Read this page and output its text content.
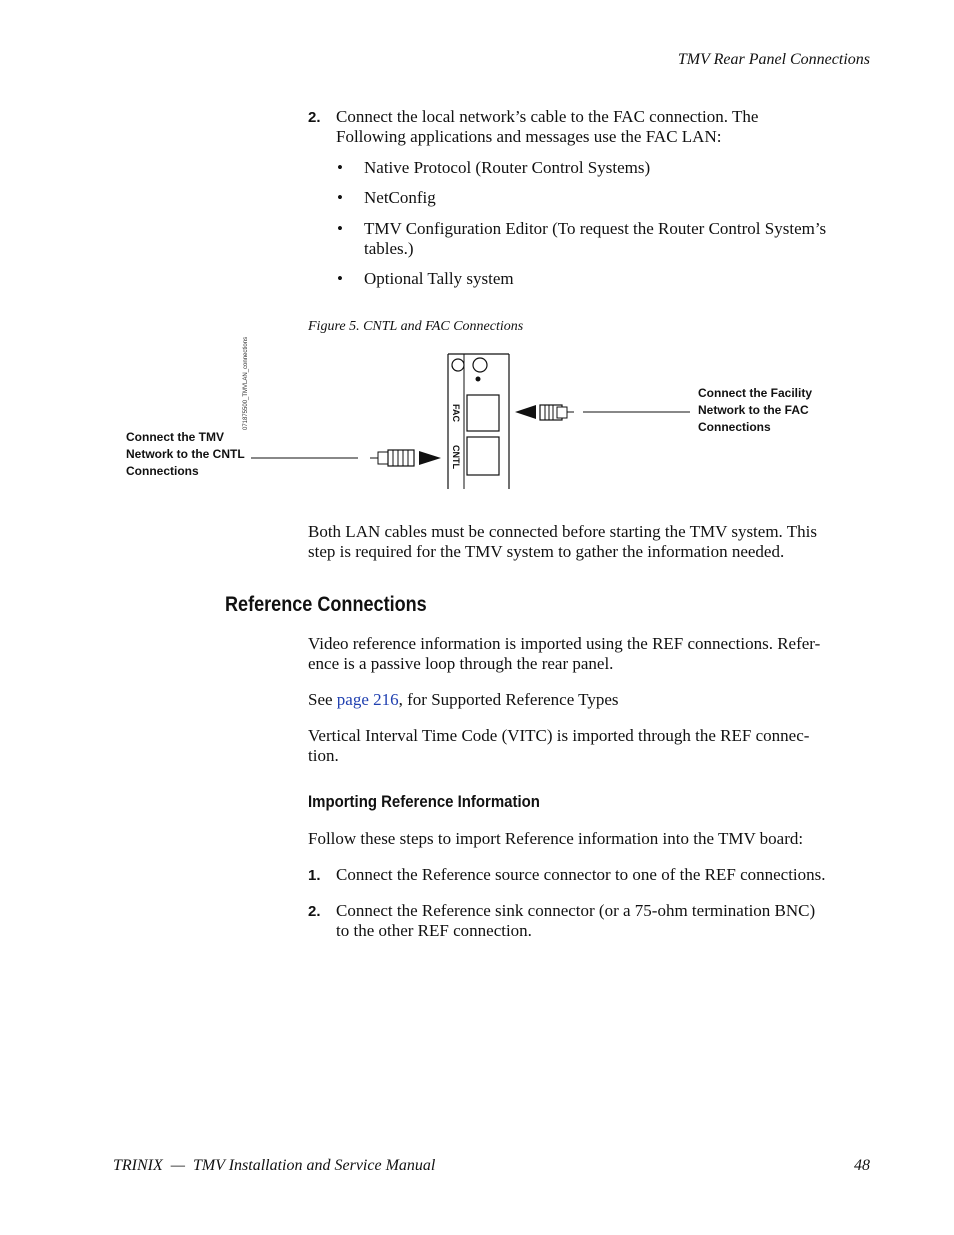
TMV Rear Panel Connections
2. Connect the local network’s cable to the FAC connection. The
Following applications and messages use the FAC LAN:
• Native Protocol (Router Control Systems)
• NetConfig
• TMV Configuration Editor (To request the Router Control System’s
tables.)
• Optional Tally system
Figure 5. CNTL and FAC Connections
071875500_TMVLAN_connections	FAC
CNTL
Connect the TMV
Network to the CNTL
Connections
Connect the Facility
Network to the FAC
Connections
Both LAN cables must be connected before starting the TMV system. This
step is required for the TMV system to gather the information needed.
Reference Connections
Video reference information is imported using the REF connections. Refer-
ence is a passive loop through the rear panel.
See page 216, for Supported Reference Types
Vertical Interval Time Code (VITC) is imported through the REF connec-
tion.
Importing Reference Information
Follow these steps to import Reference information into the TMV board:
1. Connect the Reference source connector to one of the REF connections.
2. Connect the Reference sink connector (or a 75-ohm termination BNC)
to the other REF connection.
TRINIX  —  TMV Installation and Service Manual	48
